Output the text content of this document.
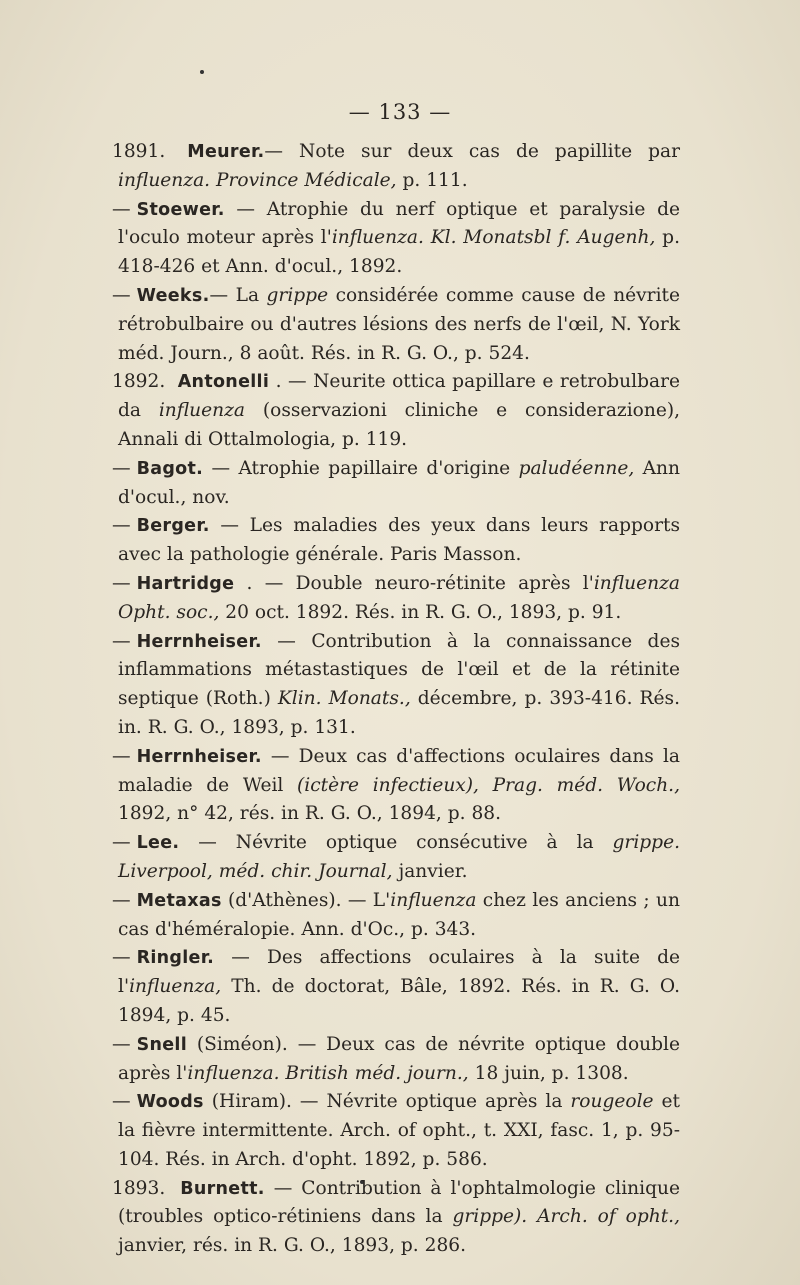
— 133 —

1891. Meurer.— Note sur deux cas de papillite par influenza. Province Médicale, p. 111.

— Stoewer. — Atrophie du nerf optique et paralysie de l'oculo moteur après l'influenza. Kl. Monatsbl f. Augenh, p. 418-426 et Ann. d'ocul., 1892.

— Weeks.— La grippe considérée comme cause de névrite rétrobulbaire ou d'autres lésions des nerfs de l'œil, N. York méd. Journ., 8 août. Rés. in R. G. O., p. 524.

1892. Antonelli . — Neurite ottica papillare e retrobulbare da influenza (osservazioni cliniche e considerazione), Annali di Ottalmologia, p. 119.

— Bagot. — Atrophie papillaire d'origine paludéenne, Ann d'ocul., nov.

— Berger. — Les maladies des yeux dans leurs rapports avec la pathologie générale. Paris Masson.

— Hartridge . — Double neuro-rétinite après l'influenza Opht. soc., 20 oct. 1892. Rés. in R. G. O., 1893, p. 91.

— Herrnheiser. — Contribution à la connaissance des inflammations métastastiques de l'œil et de la rétinite septique (Roth.) Klin. Monats., décembre, p. 393-416. Rés. in. R. G. O., 1893, p. 131.

— Herrnheiser. — Deux cas d'affections oculaires dans la maladie de Weil (ictère infectieux), Prag. méd. Woch., 1892, n° 42, rés. in R. G. O., 1894, p. 88.

— Lee. — Névrite optique consécutive à la grippe. Liverpool, méd. chir. Journal, janvier.

— Metaxas (d'Athènes). — L'influenza chez les anciens ; un cas d'héméralopie. Ann. d'Oc., p. 343.

— Ringler. — Des affections oculaires à la suite de l'influenza, Th. de doctorat, Bâle, 1892. Rés. in R. G. O. 1894, p. 45.

— Snell (Siméon). — Deux cas de névrite optique double après l'influenza. British méd. journ., 18 juin, p. 1308.

— Woods (Hiram). — Névrite optique après la rougeole et la fièvre intermittente. Arch. of opht., t. XXI, fasc. 1, p. 95-104. Rés. in Arch. d'opht. 1892, p. 586.

1893. Burnett. — Contribution à l'ophtalmologie clinique (troubles optico-rétiniens dans la grippe). Arch. of opht., janvier, rés. in R. G. O., 1893, p. 286.
